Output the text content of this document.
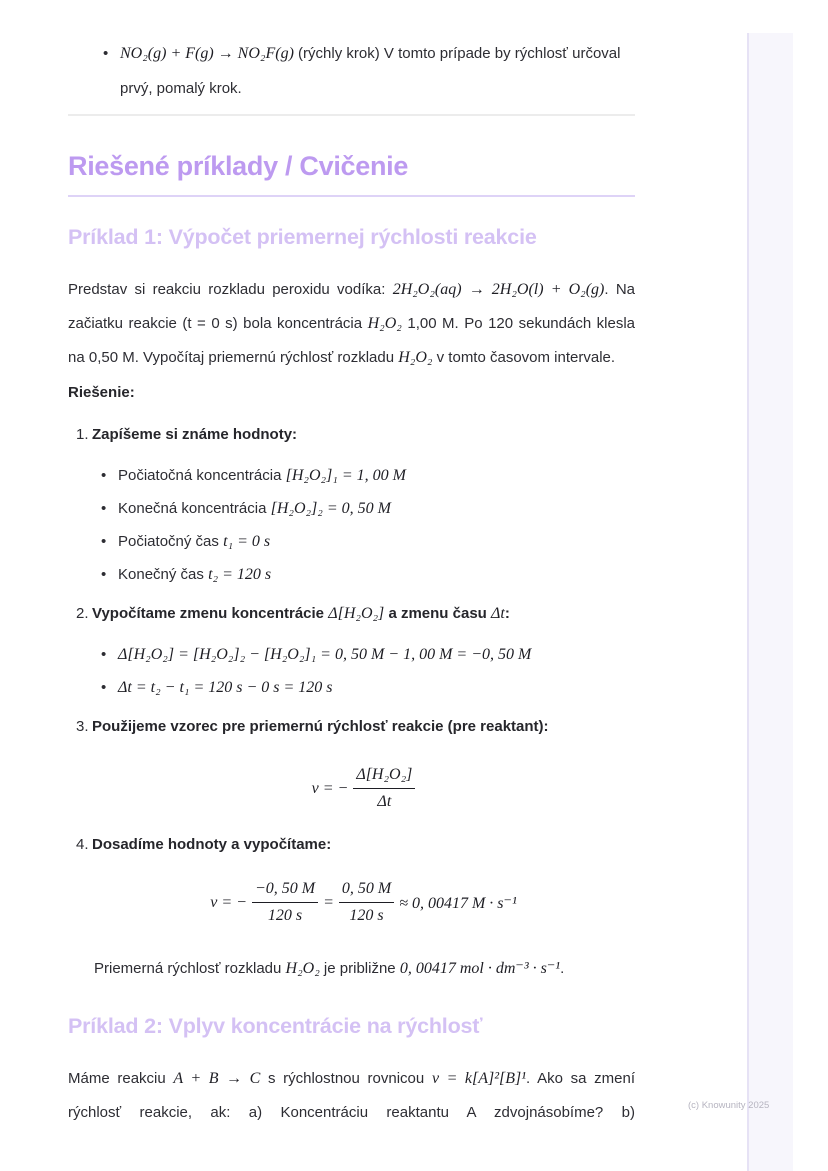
(c) Knowunity 2025
• NO₂(g) + F(g) → NO₂F(g) (rýchly krok) V tomto prípade by rýchlosť určoval prvý, pomalý krok.
Riešené príklady / Cvičenie
Príklad 1: Výpočet priemernej rýchlosti reakcie

Predstav si reakciu rozkladu peroxidu vodíka: 2H₂O₂(aq) → 2H₂O(l) + O₂(g). Na začiatku reakcie (t = 0 s) bola koncentrácia H₂O₂ 1,00 M. Po 120 sekundách klesla na 0,50 M. Vypočítaj priemernú rýchlosť rozkladu H₂O₂ v tomto časovom intervale.

Riešenie:

1. Zapíšeme si známe hodnoty:
• Počiatočná koncentrácia [H₂O₂]₁ = 1, 00 M
• Konečná koncentrácia [H₂O₂]₂ = 0, 50 M
• Počiatočný čas t₁ = 0 s
• Konečný čas t₂ = 120 s
2. Vypočítame zmenu koncentrácie Δ[H₂O₂] a zmenu času Δt:
• Δ[H₂O₂] = [H₂O₂]₂ − [H₂O₂]₁ = 0, 50 M − 1, 00 M = −0, 50 M
• Δt = t₂ − t₁ = 120 s − 0 s = 120 s
3. Použijeme vzorec pre priemernú rýchlosť reakcie (pre reaktant):
v = − $\frac{\text{Δ[H₂O₂]}}{\Delta t}$
4. Dosadíme hodnoty a vypočítame:
v = − $\frac{-0, 50 M}{120 s} = \frac{0, 50 M}{120 s} \approx 0$, 00417 M · s⁻¹

Priemerná rýchlosť rozkladu H₂O₂ je približne 0, 00417 mol · dm⁻³ · s⁻¹.

Príklad 2: Vplyv koncentrácie na rýchlosť

Máme reakciu A + B → C s rýchlostnou rovnicou v = k[A]²[B]¹. Ako sa zmení rýchlosť reakcie, ak: a) Koncentráciu reaktantu A zdvojnásobíme? b)
